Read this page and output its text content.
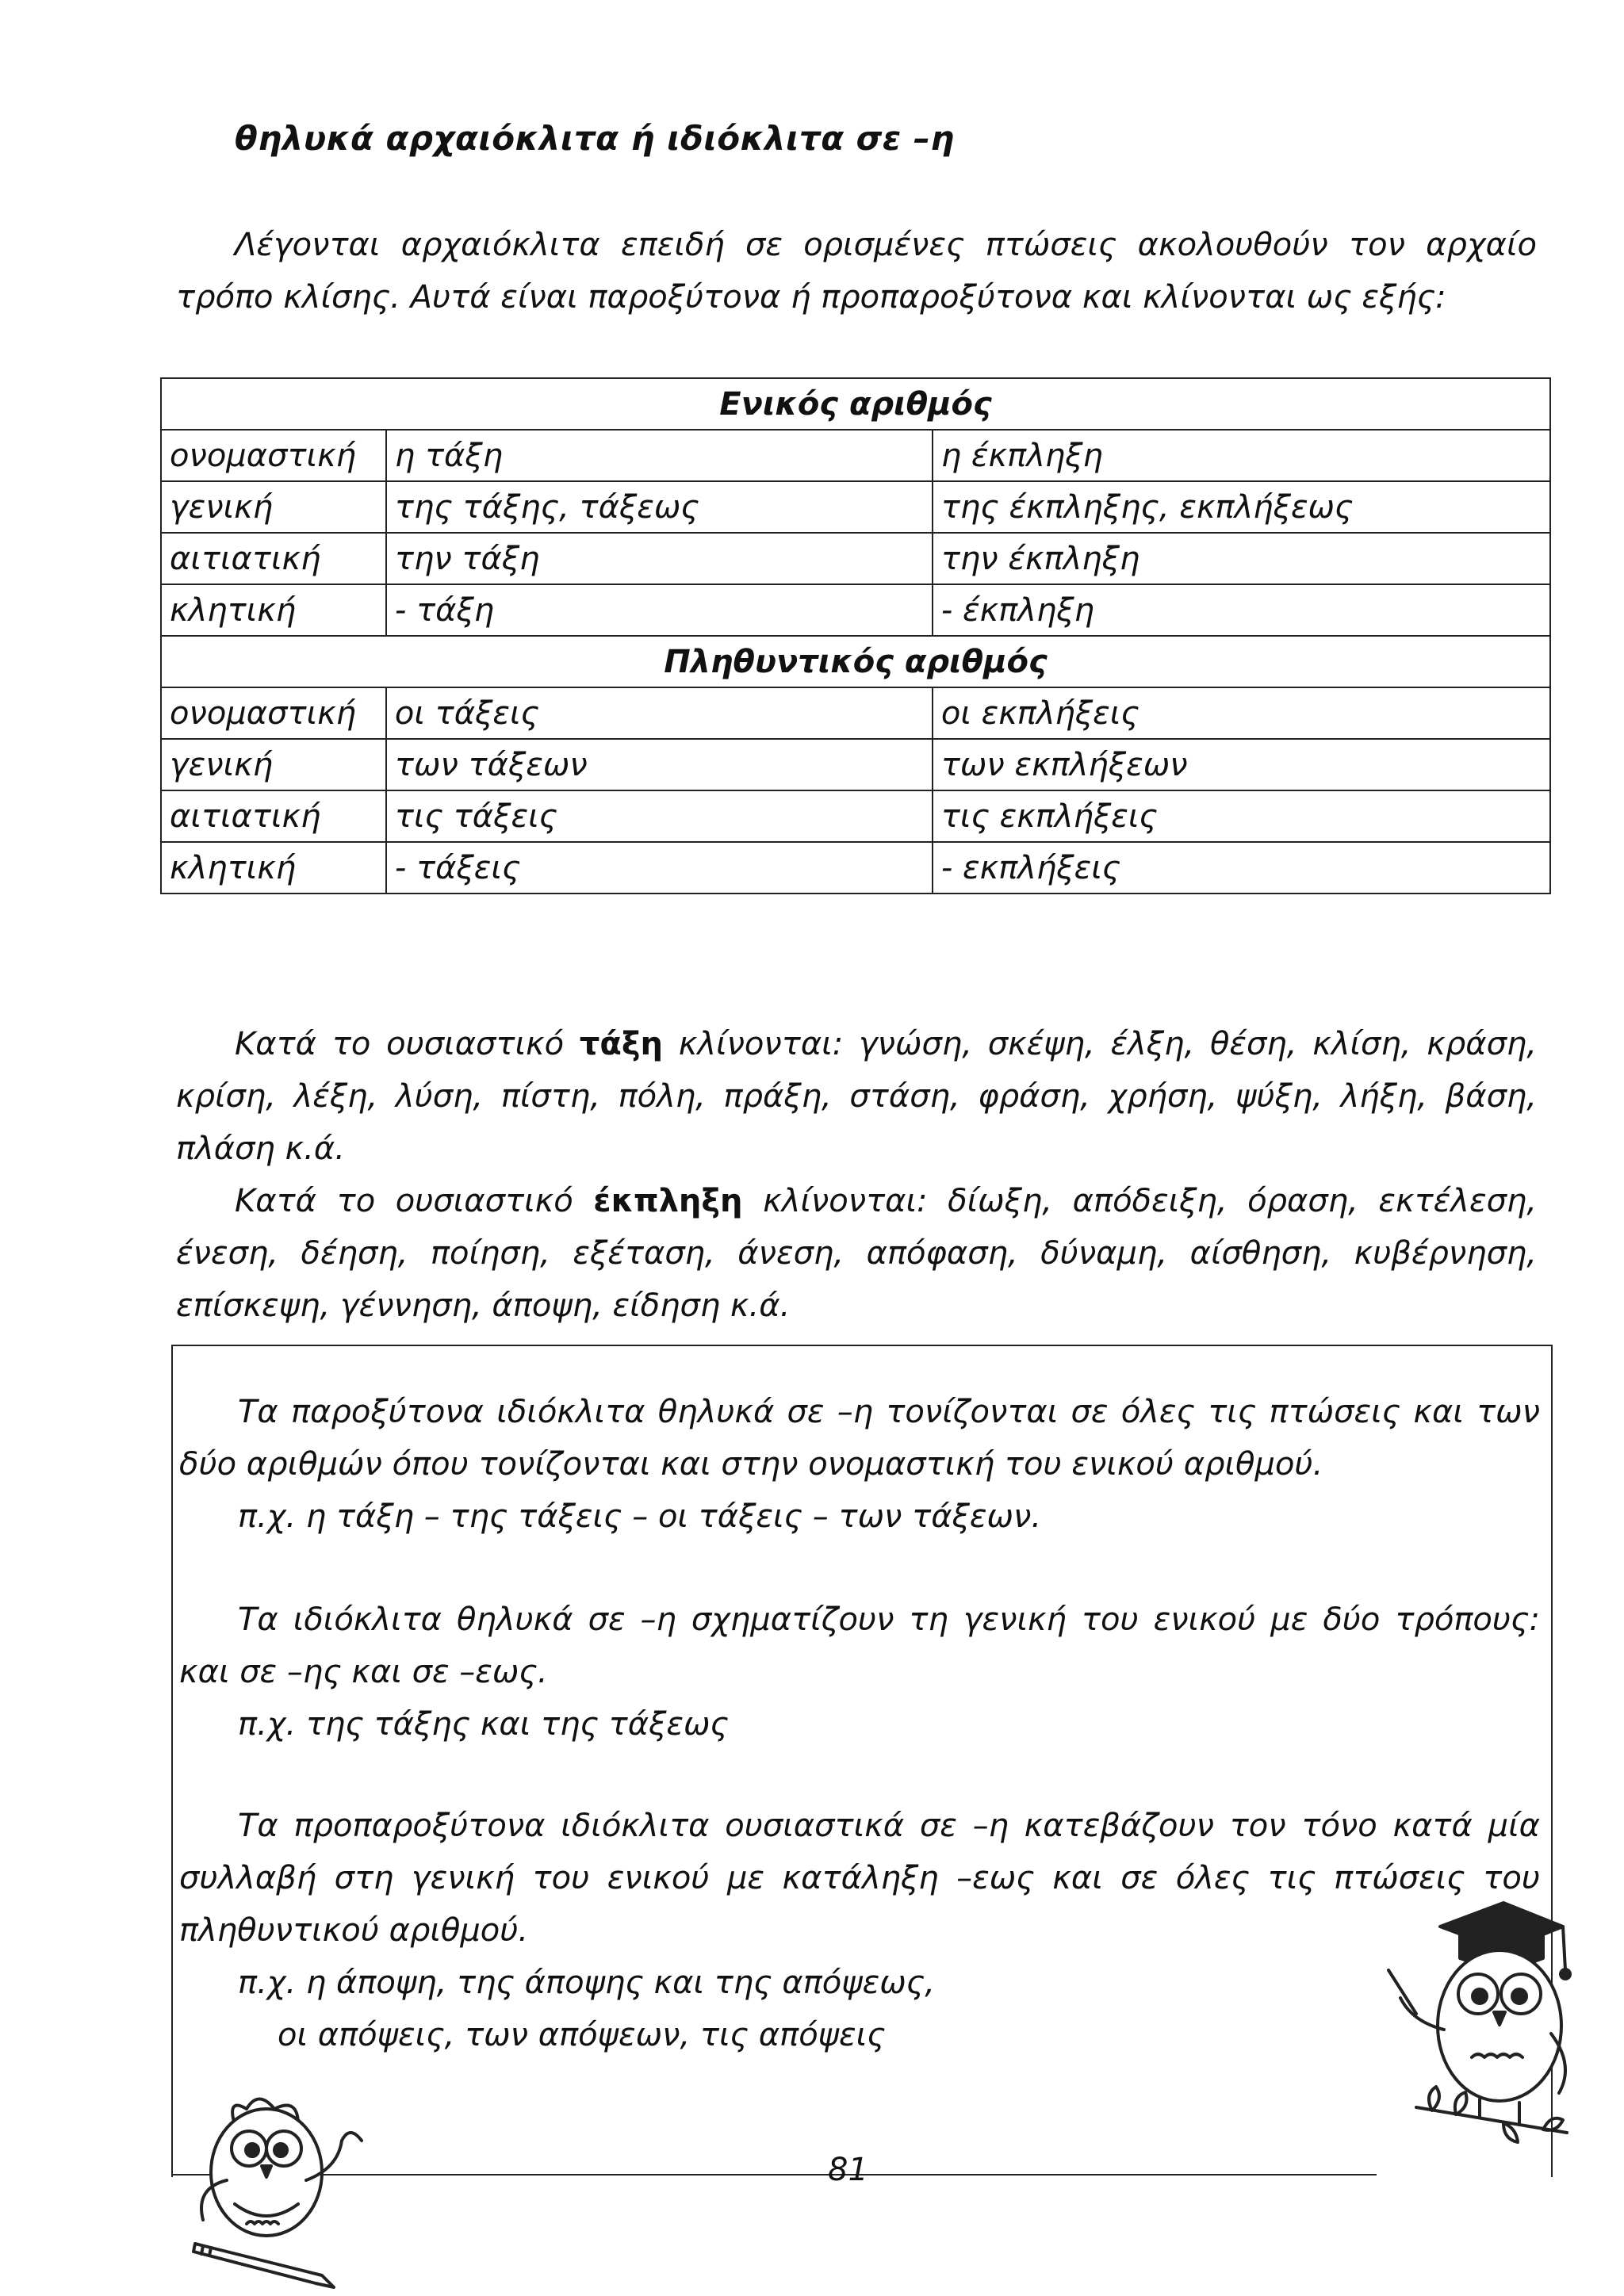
θηλυκά αρχαιόκλιτα ή ιδιόκλιτα σε –η
Λέγονται αρχαιόκλιτα επειδή σε ορισμένες πτώσεις ακολουθούν τον αρχαίο τρόπο κλίσης. Αυτά είναι παροξύτονα ή προπαροξύτονα και κλίνονται ως εξής:
Ενικός αριθμός		
ονομαστική	η τάξη	η έκπληξη
γενική	της τάξης, τάξεως	της έκπληξης, εκπλήξεως
αιτιατική	την τάξη	την έκπληξη
κλητική	- τάξη	- έκπληξη
Πληθυντικός αριθμός		
ονομαστική	οι τάξεις	οι εκπλήξεις
γενική	των τάξεων	των εκπλήξεων
αιτιατική	τις τάξεις	τις εκπλήξεις
κλητική	- τάξεις	- εκπλήξεις
Κατά το ουσιαστικό τάξη κλίνονται: γνώση, σκέψη, έλξη, θέση, κλίση, κράση, κρίση, λέξη, λύση, πίστη, πόλη, πράξη, στάση, φράση, χρήση, ψύξη, λήξη, βάση, πλάση κ.ά.
Κατά το ουσιαστικό έκπληξη κλίνονται: δίωξη, απόδειξη, όραση, εκτέλεση, ένεση, δέηση, ποίηση, εξέταση, άνεση, απόφαση, δύναμη, αίσθηση, κυβέρνηση, επίσκεψη, γέννηση, άποψη, είδηση κ.ά.
Τα παροξύτονα ιδιόκλιτα θηλυκά σε –η τονίζονται σε όλες τις πτώσεις και των δύο αριθμών όπου τονίζονται και στην ονομαστική του ενικού αριθμού.
π.χ. η τάξη – της τάξεις – οι τάξεις – των τάξεων.
Τα ιδιόκλιτα θηλυκά σε –η σχηματίζουν τη γενική του ενικού με δύο τρόπους: και σε –ης και σε –εως.
π.χ. της τάξης και της τάξεως
Τα προπαροξύτονα ιδιόκλιτα ουσιαστικά σε –η κατεβάζουν τον τόνο κατά μία συλλαβή στη γενική του ενικού με κατάληξη –εως και σε όλες τις πτώσεις του πληθυντικού αριθμού.
π.χ. η άποψη, της άποψης και της απόψεως,
οι απόψεις, των απόψεων, τις απόψεις
81
